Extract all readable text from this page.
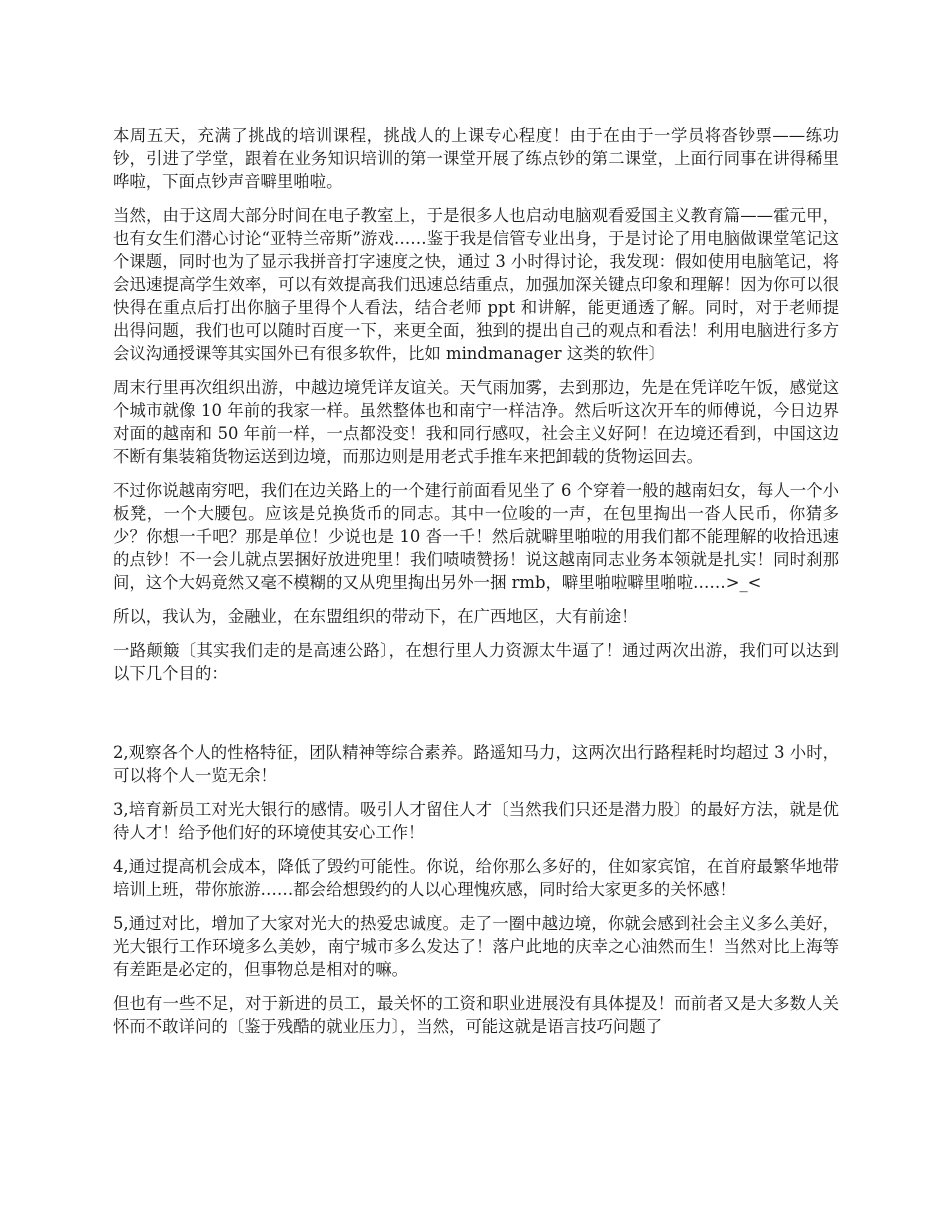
本周五天，充满了挑战的培训课程，挑战人的上课专心程度！由于在由于一学员将沓钞票——练功钞，引进了学堂，跟着在业务知识培训的第一课堂开展了练点钞的第二课堂，上面行同事在讲得稀里哗啦，下面点钞声音噼里啪啦。

当然，由于这周大部分时间在电子教室上，于是很多人也启动电脑观看爱国主义教育篇——霍元甲，也有女生们潜心讨论“亚特兰帝斯”游戏……鉴于我是信管专业出身，于是讨论了用电脑做课堂笔记这个课题，同时也为了显示我拼音打字速度之快，通过 3 小时得讨论，我发现：假如使用电脑笔记，将会迅速提高学生效率，可以有效提高我们迅速总结重点，加强加深关键点印象和理解！因为你可以很快得在重点后打出你脑子里得个人看法，结合老师 ppt 和讲解，能更通透了解。同时，对于老师提出得问题，我们也可以随时百度一下，来更全面，独到的提出自己的观点和看法！利用电脑进行多方会议沟通授课等其实国外已有很多软件，比如 mindmanager 这类的软件〕

周末行里再次组织出游，中越边境凭详友谊关。天气雨加雾，去到那边，先是在凭详吃午饭，感觉这个城市就像 10 年前的我家一样。虽然整体也和南宁一样洁净。然后听这次开车的师傅说，今日边界对面的越南和 50 年前一样，一点都没变！我和同行感叹，社会主义好阿！在边境还看到，中国这边不断有集装箱货物运送到边境，而那边则是用老式手推车来把卸载的货物运回去。

不过你说越南穷吧，我们在边关路上的一个建行前面看见坐了 6 个穿着一般的越南妇女，每人一个小板凳，一个大腰包。应该是兑换货币的同志。其中一位唆的一声，在包里掏出一沓人民币，你猜多少？你想一千吧？那是单位！少说也是 10 沓一千！然后就噼里啪啦的用我们都不能理解的收拾迅速的点钞！不一会儿就点罢捆好放进兜里！我们啧啧赞扬！说这越南同志业务本领就是扎实！同时刹那间，这个大妈竟然又毫不模糊的又从兜里掏出另外一捆 rmb，噼里啪啦噼里啪啦……>_<

所以，我认为，金融业，在东盟组织的带动下，在广西地区，大有前途！

一路颠簸〔其实我们走的是高速公路〕，在想行里人力资源太牛逼了！通过两次出游，我们可以达到以下几个目的：

2,观察各个人的性格特征，团队精神等综合素养。路遥知马力，这两次出行路程耗时均超过 3 小时，可以将个人一览无余！

3,培育新员工对光大银行的感情。吸引人才留住人才〔当然我们只还是潜力股〕的最好方法，就是优待人才！给予他们好的环境使其安心工作！

4,通过提高机会成本，降低了毁约可能性。你说，给你那么多好的，住如家宾馆，在首府最繁华地带培训上班，带你旅游……都会给想毁约的人以心理愧疚感，同时给大家更多的关怀感！

5,通过对比，增加了大家对光大的热爱忠诚度。走了一圈中越边境，你就会感到社会主义多么美好，光大银行工作环境多么美妙，南宁城市多么发达了！落户此地的庆幸之心油然而生！当然对比上海等有差距是必定的，但事物总是相对的嘛。

但也有一些不足，对于新进的员工，最关怀的工资和职业进展没有具体提及！而前者又是大多数人关怀而不敢详问的〔鉴于残酷的就业压力〕，当然，可能这就是语言技巧问题了
